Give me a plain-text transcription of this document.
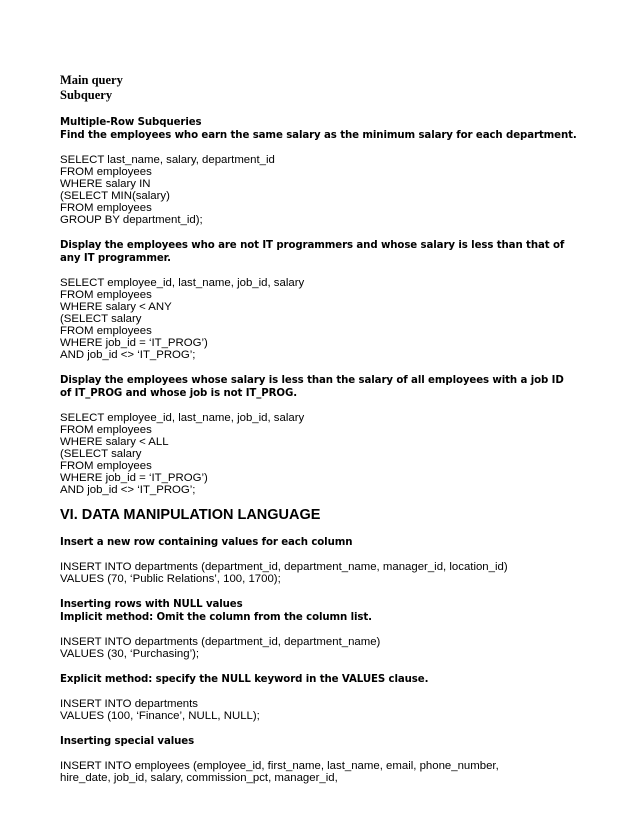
Main query
Subquery
Multiple-Row Subqueries
Find the employees who earn the same salary as the minimum salary for each department.
SELECT last_name, salary, department_id
FROM employees
WHERE salary IN
(SELECT MIN(salary)
FROM employees
GROUP BY department_id);
Display the employees who are not IT programmers and whose salary is less than that of
any IT programmer.
SELECT employee_id, last_name, job_id, salary
FROM employees
WHERE salary < ANY
(SELECT salary
FROM employees
WHERE job_id = ‘IT_PROG’)
AND job_id <> ‘IT_PROG’;
Display the employees whose salary is less than the salary of all employees with a job ID
of IT_PROG and whose job is not IT_PROG.
SELECT employee_id, last_name, job_id, salary
FROM employees
WHERE salary < ALL
(SELECT salary
FROM employees
WHERE job_id = ‘IT_PROG’)
AND job_id <> ‘IT_PROG’;
VI. DATA MANIPULATION LANGUAGE
Insert a new row containing values for each column
INSERT INTO departments (department_id, department_name, manager_id, location_id)
VALUES (70, ‘Public Relations’, 100, 1700);
Inserting rows with NULL values
Implicit method: Omit the column from the column list.
INSERT INTO departments (department_id, department_name)
VALUES (30, ‘Purchasing’);
Explicit method: specify the NULL keyword in the VALUES clause.
INSERT INTO departments
VALUES (100, ‘Finance’, NULL, NULL);
Inserting special values
INSERT INTO employees (employee_id, first_name, last_name, email, phone_number,
hire_date, job_id, salary, commission_pct, manager_id,
